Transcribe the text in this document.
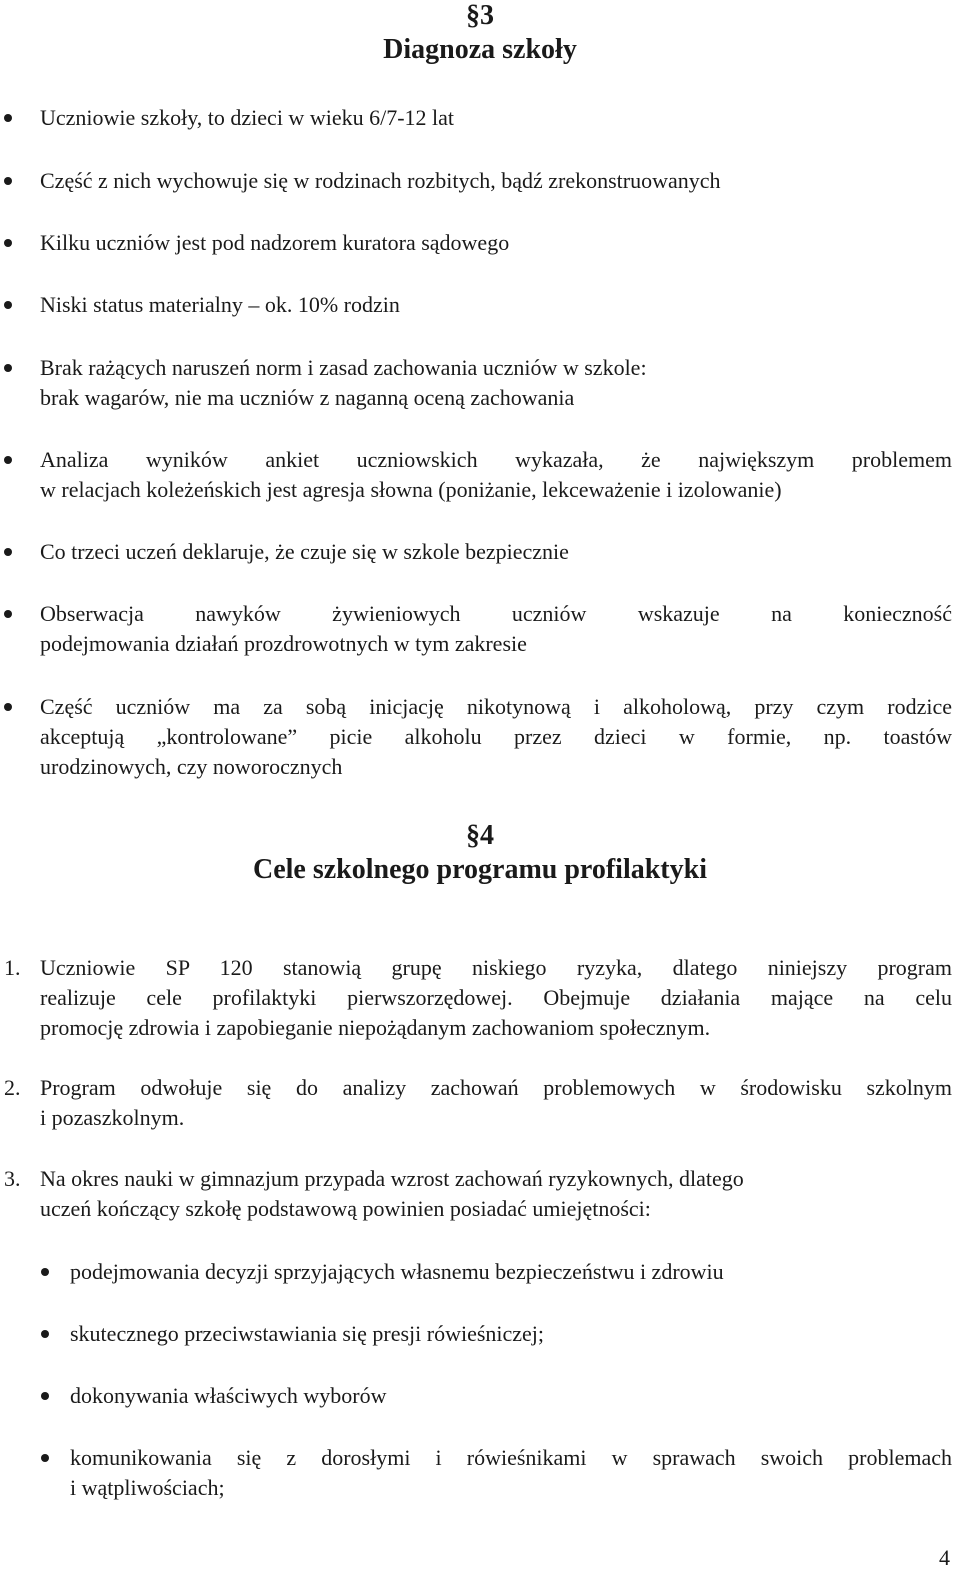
§3
Diagnoza szkoły
Uczniowie szkoły, to dzieci w wieku 6/7-12 lat
Część z nich wychowuje się w rodzinach rozbitych, bądź zrekonstruowanych
Kilku uczniów jest pod nadzorem kuratora sądowego
Niski status materialny – ok. 10% rodzin
Brak rażących naruszeń norm i zasad zachowania uczniów w szkole:
brak wagarów, nie ma uczniów z naganną oceną zachowania
Analiza wyników ankiet uczniowskich wykazała, że największym problemem
w relacjach koleżeńskich jest agresja słowna (poniżanie, lekceważenie i izolowanie)
Co trzeci uczeń deklaruje, że czuje się w szkole bezpiecznie
Obserwacja nawyków żywieniowych uczniów wskazuje na konieczność
podejmowania działań prozdrowotnych w tym zakresie
Część uczniów ma za sobą inicjację nikotynową i alkoholową, przy czym rodzice
akceptują „kontrolowane” picie alkoholu przez dzieci w formie, np. toastów
urodzinowych, czy noworocznych
§4
Cele szkolnego programu profilaktyki
1. Uczniowie SP 120 stanowią grupę niskiego ryzyka, dlatego niniejszy program
realizuje cele profilaktyki pierwszorzędowej. Obejmuje działania mające na celu
promocję zdrowia i zapobieganie niepożądanym zachowaniom społecznym.
2. Program odwołuje się do analizy zachowań problemowych w środowisku szkolnym
i pozaszkolnym.
3. Na okres nauki w gimnazjum przypada wzrost zachowań ryzykownych, dlatego
uczeń kończący szkołę podstawową powinien posiadać umiejętności:
podejmowania decyzji sprzyjających własnemu bezpieczeństwu i zdrowiu
skutecznego przeciwstawiania się presji rówieśniczej;
dokonywania właściwych wyborów
komunikowania się z dorosłymi i rówieśnikami w sprawach swoich problemach
i wątpliwościach;
4
